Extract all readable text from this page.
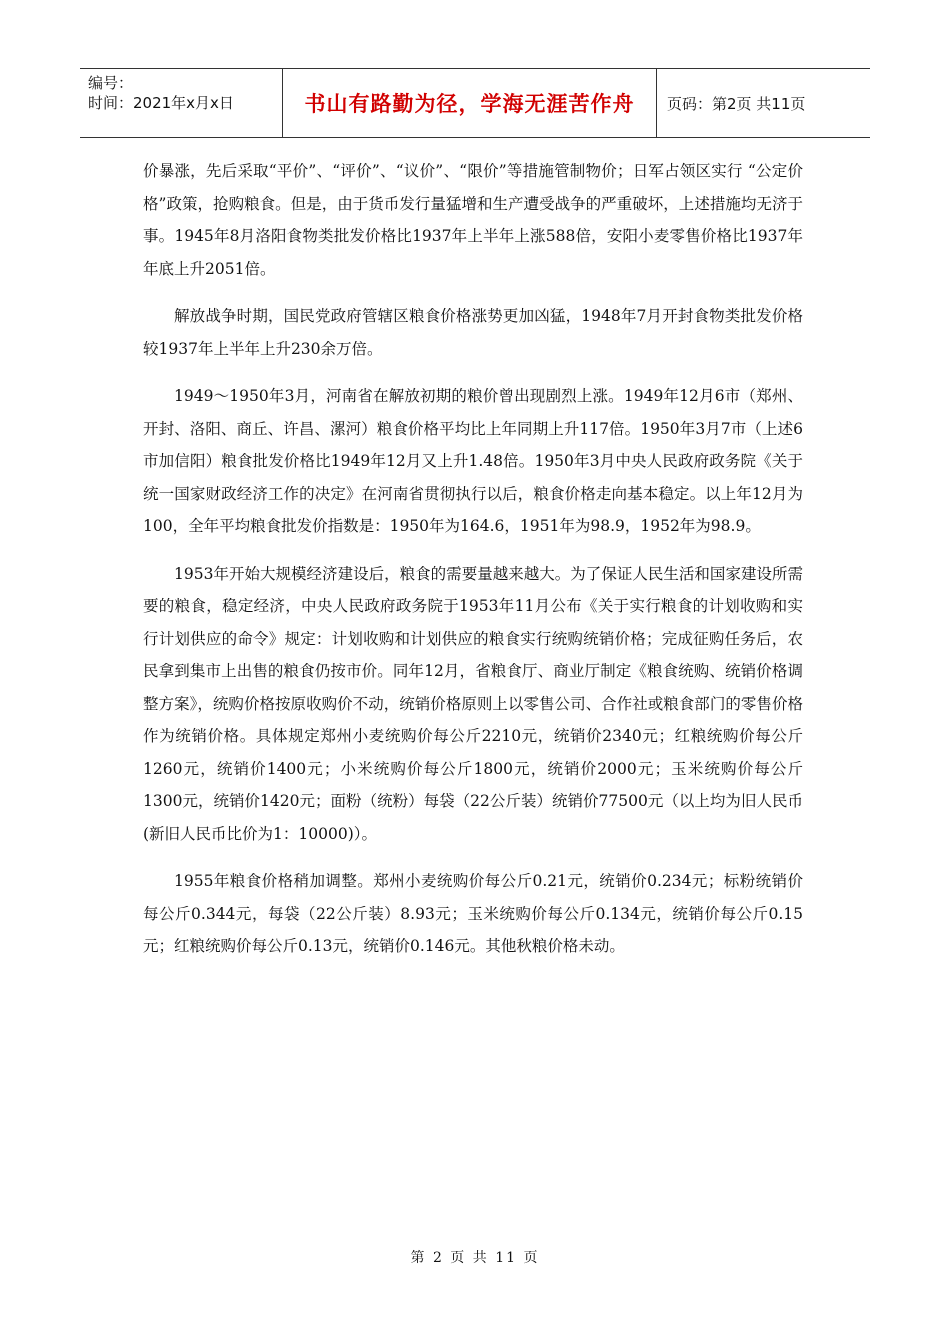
编号：
时间：2021年x月x日	书山有路勤为径，学海无涯苦作舟	页码：第2页 共11页

价暴涨，先后采取“平价”、“评价”、“议价”、“限价”等措施管制物价；日军占领区实行 “公定价格”政策，抢购粮食。但是，由于货币发行量猛增和生产遭受战争的严重破坏，上述措施均无济于事。1945年8月洛阳食物类批发价格比1937年上半年上涨588倍，安阳小麦零售价格比1937年年底上升2051倍。

解放战争时期，国民党政府管辖区粮食价格涨势更加凶猛，1948年7月开封食物类批发价格较1937年上半年上升230余万倍。

1949～1950年3月，河南省在解放初期的粮价曾出现剧烈上涨。1949年12月6市（郑州、开封、洛阳、商丘、许昌、漯河）粮食价格平均比上年同期上升117倍。1950年3月7市（上述6市加信阳）粮食批发价格比1949年12月又上升1.48倍。1950年3月中央人民政府政务院《关于统一国家财政经济工作的决定》在河南省贯彻执行以后，粮食价格走向基本稳定。以上年12月为100，全年平均粮食批发价指数是：1950年为164.6，1951年为98.9，1952年为98.9。

1953年开始大规模经济建设后，粮食的需要量越来越大。为了保证人民生活和国家建设所需要的粮食，稳定经济，中央人民政府政务院于1953年11月公布《关于实行粮食的计划收购和实行计划供应的命令》规定：计划收购和计划供应的粮食实行统购统销价格；完成征购任务后，农民拿到集市上出售的粮食仍按市价。同年12月，省粮食厅、商业厅制定《粮食统购、统销价格调整方案》，统购价格按原收购价不动，统销价格原则上以零售公司、合作社或粮食部门的零售价格作为统销价格。具体规定郑州小麦统购价每公斤2210元，统销价2340元；红粮统购价每公斤1260元，统销价1400元；小米统购价每公斤1800元，统销价2000元；玉米统购价每公斤1300元，统销价1420元；面粉（统粉）每袋（22公斤装）统销价77500元（以上均为旧人民币(新旧人民币比价为1：10000)）。

1955年粮食价格稍加调整。郑州小麦统购价每公斤0.21元，统销价0.234元；标粉统销价每公斤0.344元，每袋（22公斤装）8.93元；玉米统购价每公斤0.134元，统销价每公斤0.15元；红粮统购价每公斤0.13元，统销价0.146元。其他秋粮价格未动。

第 2 页 共 11 页
